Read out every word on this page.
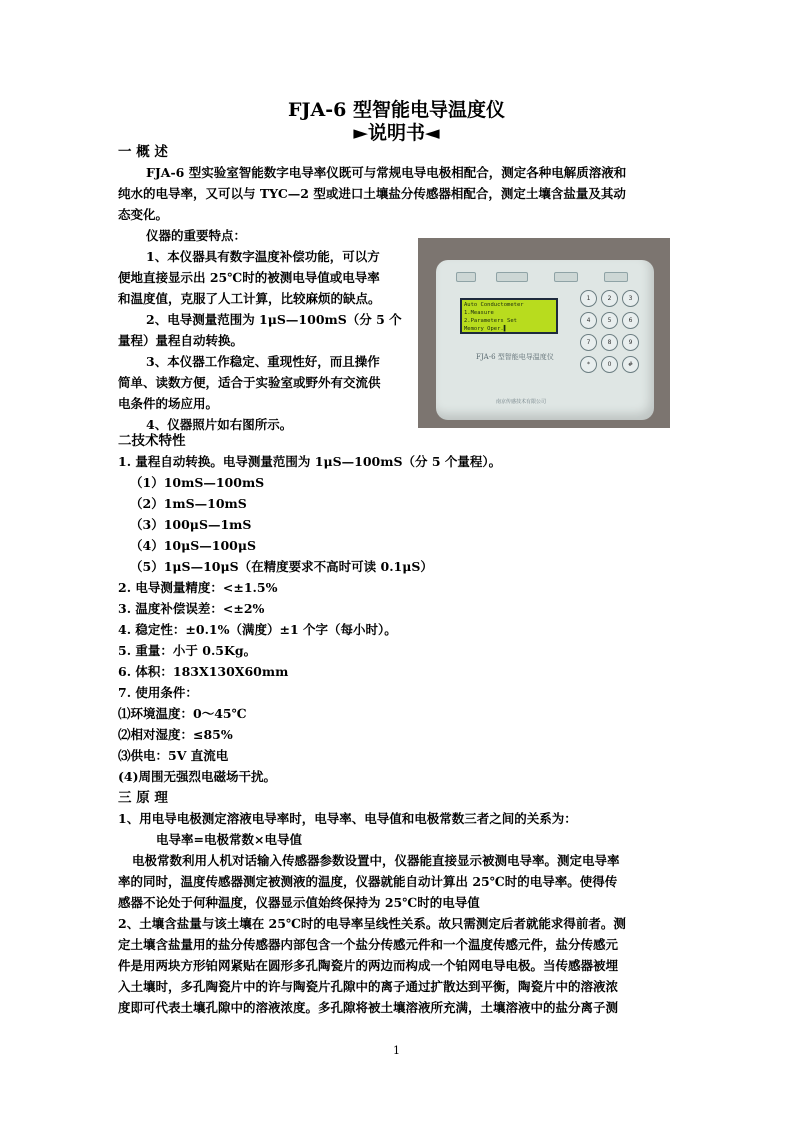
FJA-6 型智能电导温度仪
►说明书◄
一 概 述
FJA-6 型实验室智能数字电导率仪既可与常规电导电极相配合，测定各种电解质溶液和
纯水的电导率，又可以与 TYC—2 型或进口土壤盐分传感器相配合，测定土壤含盐量及其动
态变化。
仪器的重要特点：
1、本仪器具有数字温度补偿功能，可以方
便地直接显示出 25℃时的被测电导值或电导率
和温度值，克服了人工计算，比较麻烦的缺点。
2、电导测量范围为 1μS—100mS（分 5 个
量程）量程自动转换。
3、本仪器工作稳定、重现性好，而且操作
简单、读数方便，适合于实验室或野外有交流供
电条件的场应用。
4、仪器照片如右图所示。
Auto Conductometer
1.Measure
2.Parameters Set
Memory Oper.▌
1	2	3
4	5	6
7	8	9
*	0	#
FJA-6 型智能电导温度仪
南京传感技术有限公司
二技术特性
1. 量程自动转换。电导测量范围为 1μS—100mS（分 5 个量程）。
（1）10mS—100mS
（2）1mS—10mS
（3）100μS—1mS
（4）10μS—100μS
（5）1μS—10μS（在精度要求不高时可读 0.1μS）
2. 电导测量精度：<±1.5%
3. 温度补偿误差：<±2%
4. 稳定性：±0.1%（满度）±1 个字（每小时）。
5. 重量：小于 0.5Kg。
6. 体积：183Ⅹ130Ⅹ60mm
7. 使用条件：
⑴环境温度：0～45℃
⑵相对湿度：≤85%
⑶供电：5V 直流电
(4)周围无强烈电磁场干扰。
三 原 理
1、用电导电极测定溶液电导率时，电导率、电导值和电极常数三者之间的关系为：
电导率=电极常数×电导值
电极常数利用人机对话输入传感器参数设置中，仪器能直接显示被测电导率。测定电导率
率的同时，温度传感器测定被测液的温度，仪器就能自动计算出 25℃时的电导率。使得传
感器不论处于何种温度，仪器显示值始终保持为 25℃时的电导值
2、土壤含盐量与该土壤在 25℃时的电导率呈线性关系。故只需测定后者就能求得前者。测
定土壤含盐量用的盐分传感器内部包含一个盐分传感元件和一个温度传感元件，盐分传感元
件是用两块方形铂网紧贴在圆形多孔陶瓷片的两边而构成一个铂网电导电极。当传感器被埋
入土壤时，多孔陶瓷片中的许与陶瓷片孔隙中的离子通过扩散达到平衡，陶瓷片中的溶液浓
度即可代表土壤孔隙中的溶液浓度。多孔隙将被土壤溶液所充满，土壤溶液中的盐分离子测
1
